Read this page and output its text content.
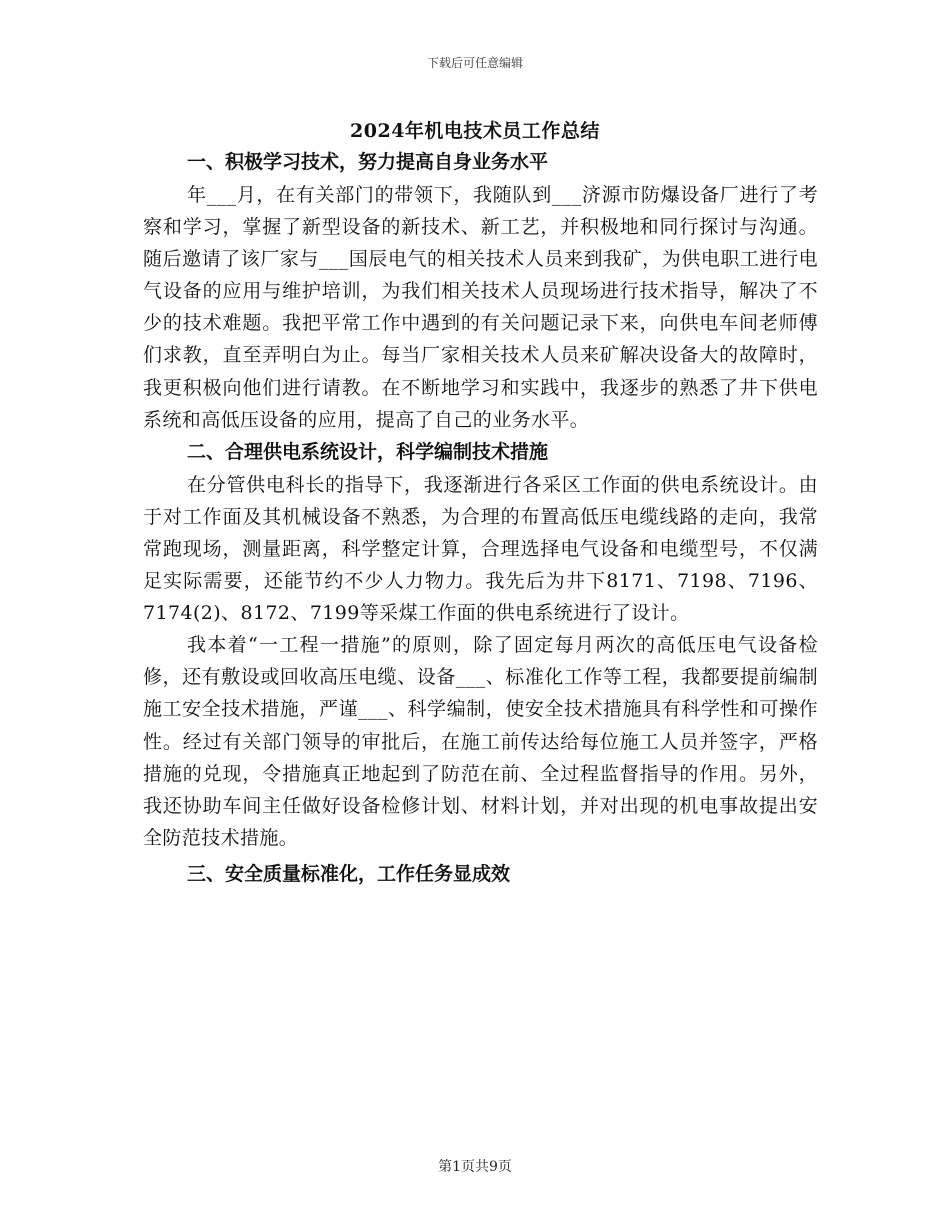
下载后可任意编辑
2024年机电技术员工作总结

一、积极学习技术，努力提高自身业务水平

年___月，在有关部门的带领下，我随队到___济源市防爆设备厂进行了考察和学习，掌握了新型设备的新技术、新工艺，并积极地和同行探讨与沟通。随后邀请了该厂家与___国辰电气的相关技术人员来到我矿，为供电职工进行电气设备的应用与维护培训，为我们相关技术人员现场进行技术指导，解决了不少的技术难题。我把平常工作中遇到的有关问题记录下来，向供电车间老师傅们求教，直至弄明白为止。每当厂家相关技术人员来矿解决设备大的故障时，我更积极向他们进行请教。在不断地学习和实践中，我逐步的熟悉了井下供电系统和高低压设备的应用，提高了自己的业务水平。

二、合理供电系统设计，科学编制技术措施

在分管供电科长的指导下，我逐渐进行各采区工作面的供电系统设计。由于对工作面及其机械设备不熟悉，为合理的布置高低压电缆线路的走向，我常常跑现场，测量距离，科学整定计算，合理选择电气设备和电缆型号，不仅满足实际需要，还能节约不少人力物力。我先后为井下8171、7198、7196、7174(2)、8172、7199等采煤工作面的供电系统进行了设计。

我本着“一工程一措施”的原则，除了固定每月两次的高低压电气设备检修，还有敷设或回收高压电缆、设备___、标准化工作等工程，我都要提前编制施工安全技术措施，严谨___、科学编制，使安全技术措施具有科学性和可操作性。经过有关部门领导的审批后，在施工前传达给每位施工人员并签字，严格措施的兑现，令措施真正地起到了防范在前、全过程监督指导的作用。另外，我还协助车间主任做好设备检修计划、材料计划，并对出现的机电事故提出安全防范技术措施。

三、安全质量标准化，工作任务显成效

第1页共9页
